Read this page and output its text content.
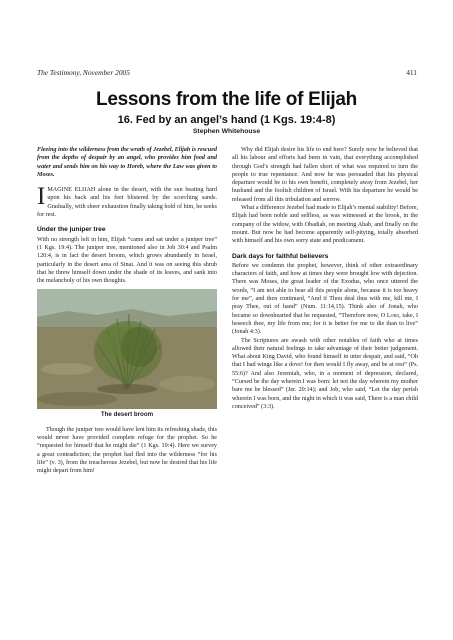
The Testimony, November 2005	411
Lessons from the life of Elijah
16. Fed by an angel’s hand (1 Kgs. 19:4-8)
Stephen Whitehouse

Fleeing into the wilderness from the wrath of Jezebel, Elijah is rescued from the depths of despair by an angel, who provides him food and water and sends him on his way to Horeb, where the Law was given to Moses.

IMAGINE ELIJAH alone in the desert, with the sun beating hard upon his back and his feet blistered by the scorching sands. Gradually, with sheer exhaustion finally taking hold of him, he seeks for rest.

Under the juniper tree

With no strength left in him, Elijah “came and sat under a juniper tree” (1 Kgs. 19:4). The juniper tree, mentioned also in Job 30:4 and Psalm 120:4, is in fact the desert broom, which grows abundantly in Israel, particularly in the desert area of Sinai. And it was on seeing this shrub that he threw himself down under the shade of its leaves, and sank into the melancholy of his own thoughts.

The desert broom

Though the juniper tree would have lent him its refreshing shade, this would never have provided complete refuge for the prophet. So he “requested for himself that he might die” (1 Kgs. 19:4). Here we survey a great contradiction; the prophet had fled into the wilderness “for his life” (v. 3), from the treacherous Jezebel, but now he desired that his life might depart from him!

Why did Elijah desire his life to end here? Surely now he believed that all his labour and efforts had been in vain, that everything accomplished through God’s strength had fallen short of what was required to turn the people to true repentance. And now he was persuaded that his physical departure would be to his own benefit, completely away from Jezebel, her husband and the foolish children of Israel. With his departure he would be released from all this tribulation and sorrow.

What a difference Jezebel had made to Elijah’s mental stability! Before, Elijah had been noble and selfless, as was witnessed at the brook, in the company of the widow, with Obadiah, on meeting Ahab, and finally on the mount. But now he had become apparently self-pitying, totally absorbed with himself and his own sorry state and predicament.

Dark days for faithful believers

Before we condemn the prophet, however, think of other extraordinary characters of faith, and how at times they were brought low with dejection. There was Moses, the great leader of the Exodus, who once uttered the words, “I am not able to bear all this people alone, because it is too heavy for me”, and then continued, “And if Thou deal thus with me, kill me, I pray Thee, out of hand” (Num. 11:14,15). Think also of Jonah, who became so downhearted that he requested, “Therefore now, O Lord, take, I beseech thee, my life from me; for it is better for me to die than to live” (Jonah 4:3).

The Scriptures are awash with other notables of faith who at times allowed their natural feelings to take advantage of their better judgement. What about King David, who found himself in utter despair, and said, “Oh that I had wings like a dove! for then would I fly away, and be at rest” (Ps. 55:6)? And also Jeremiah, who, in a moment of depression, declared, “Cursed be the day wherein I was born: let not the day wherein my mother bare me be blessed” (Jer. 20:14); and Job, who said, “Let the day perish wherein I was born, and the night in which it was said, There is a man child conceived” (3:3).
